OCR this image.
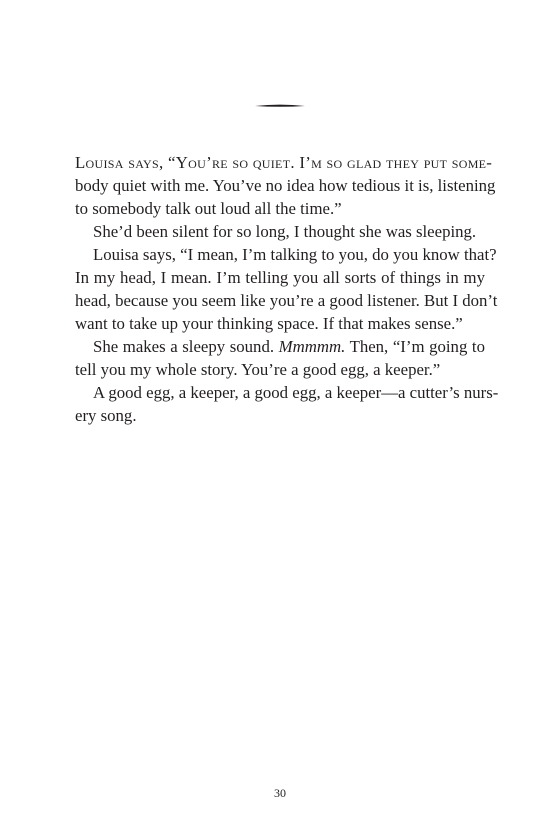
Louisa says, “You’re so quiet. I’m so glad they put some-
body quiet with me. You’ve no idea how tedious it is, listening
to somebody talk out loud all the time.”
She’d been silent for so long, I thought she was sleeping.
Louisa says, “I mean, I’m talking to you, do you know that?
In my head, I mean. I’m telling you all sorts of things in my
head, because you seem like you’re a good listener. But I don’t
want to take up your thinking space. If that makes sense.”
She makes a sleepy sound. Mmmmm. Then, “I’m going to
tell you my whole story. You’re a good egg, a keeper.”
A good egg, a keeper, a good egg, a keeper—a cutter’s nurs-
ery song.
30
